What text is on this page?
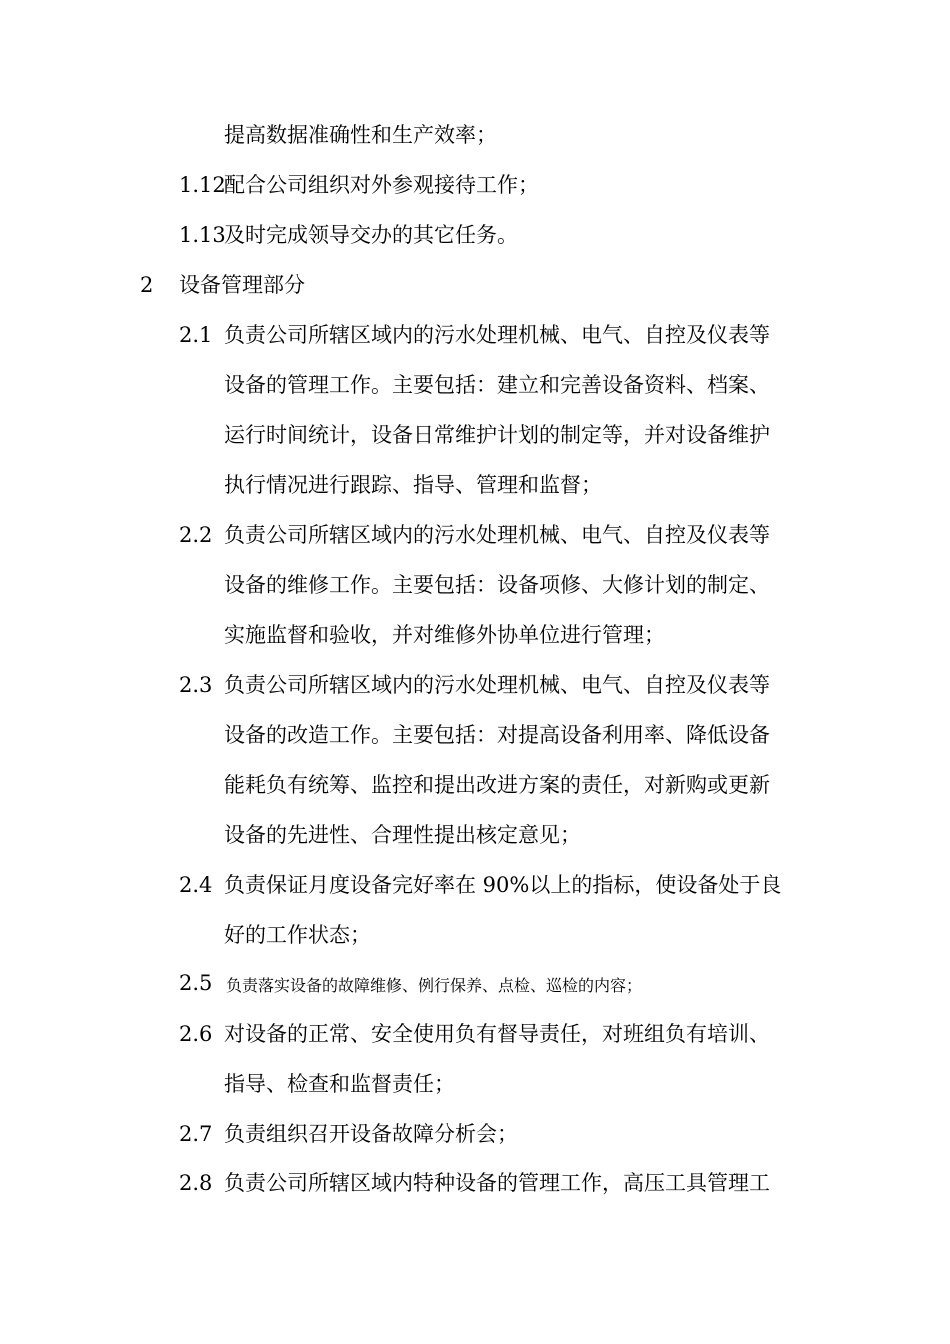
提高数据准确性和生产效率；
1.12
配合公司组织对外参观接待工作；
1.13
及时完成领导交办的其它任务。
2 设备管理部分
2.1 负责公司所辖区域内的污水处理机械、电气、自控及仪表等
设备的管理工作。主要包括：建立和完善设备资料、档案、
运行时间统计，设备日常维护计划的制定等，并对设备维护
执行情况进行跟踪、指导、管理和监督；
2.2 负责公司所辖区域内的污水处理机械、电气、自控及仪表等
设备的维修工作。主要包括：设备项修、大修计划的制定、
实施监督和验收，并对维修外协单位进行管理；
2.3 负责公司所辖区域内的污水处理机械、电气、自控及仪表等
设备的改造工作。主要包括：对提高设备利用率、降低设备
能耗负有统筹、监控和提出改进方案的责任，对新购或更新
设备的先进性、合理性提出核定意见；
2.4 负责保证月度设备完好率在 90%以上的指标，使设备处于良
好的工作状态；
2.5 负责落实设备的故障维修、例行保养、点检、巡检的内容；
2.6 对设备的正常、安全使用负有督导责任，对班组负有培训、
指导、检查和监督责任；
2.7 负责组织召开设备故障分析会；
2.8 负责公司所辖区域内特种设备的管理工作，高压工具管理工
